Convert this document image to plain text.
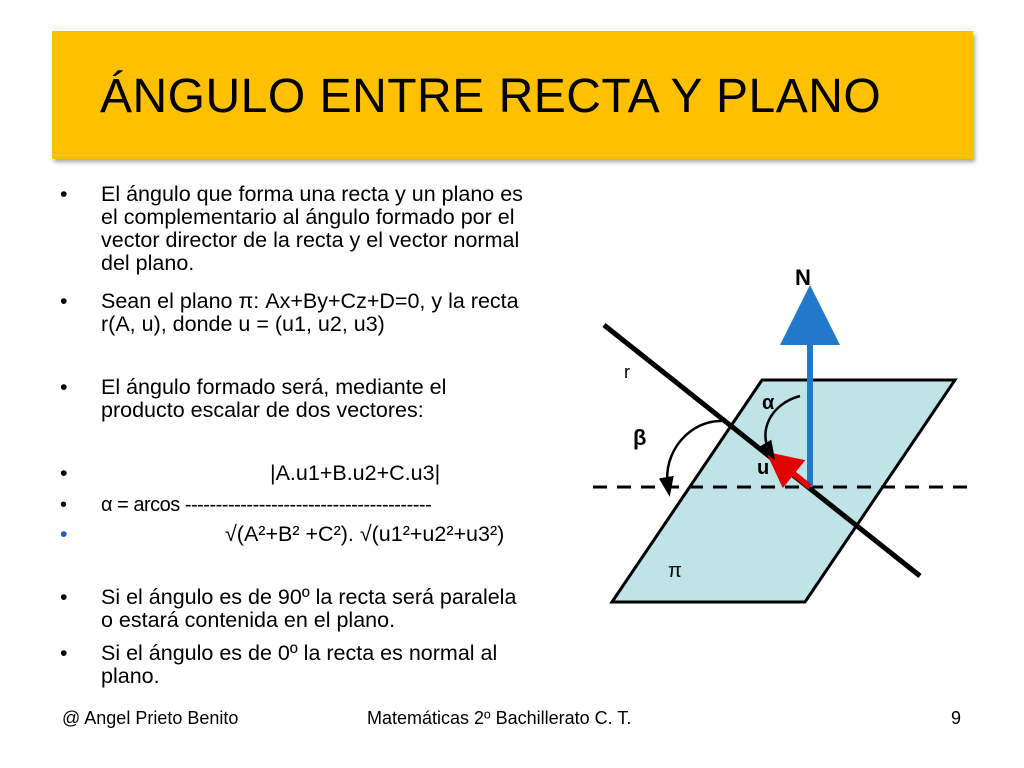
ÁNGULO ENTRE RECTA Y PLANO
•	El ángulo que forma una recta y un plano es
el complementario al ángulo formado por el
vector director de la recta y el vector normal
del plano.
•	Sean el plano π: Ax+By+Cz+D=0, y la recta
r(A, u), donde u = (u1, u2, u3)
•	El ángulo formado será, mediante el
producto escalar de dos vectores:
•	|A.u1+B.u2+C.u3|
•	α = arcos ----------------------------------------
•	√(A²+B² +C²). √(u1²+u2²+u3²)
•	Si el ángulo es de 90º la recta será paralela
o estará contenida en el plano.
•	Si el ángulo es de 0º la recta es normal al
plano.
N
r
α
β
u
π
@ Angel Prieto Benito	Matemáticas 2º Bachillerato C. T.	9
